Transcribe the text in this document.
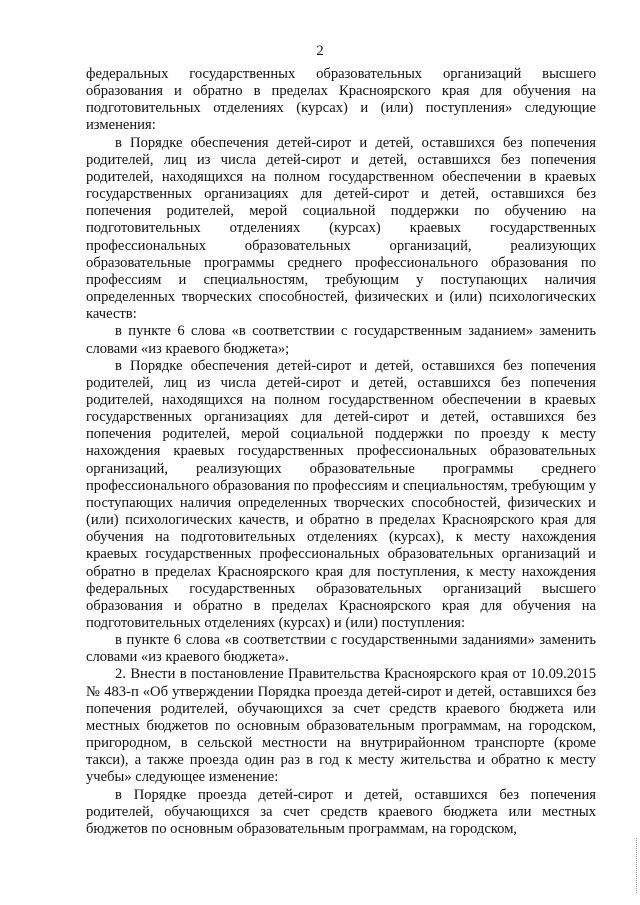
2

федеральных государственных образовательных организаций высшего образования и обратно в пределах Красноярского края для обучения на подготовительных отделениях (курсах) и (или) поступления» следующие изменения:

в Порядке обеспечения детей-сирот и детей, оставшихся без попечения родителей, лиц из числа детей-сирот и детей, оставшихся без попечения родителей, находящихся на полном государственном обеспечении в краевых государственных организациях для детей-сирот и детей, оставшихся без попечения родителей, мерой социальной поддержки по обучению на подготовительных отделениях (курсах) краевых государственных профессиональных образовательных организаций, реализующих образовательные программы среднего профессионального образования по профессиям и специальностям, требующим у поступающих наличия определенных творческих способностей, физических и (или) психологических качеств:

в пункте 6 слова «в соответствии с государственным заданием» заменить словами «из краевого бюджета»;

в Порядке обеспечения детей-сирот и детей, оставшихся без попечения родителей, лиц из числа детей-сирот и детей, оставшихся без попечения родителей, находящихся на полном государственном обеспечении в краевых государственных организациях для детей-сирот и детей, оставшихся без попечения родителей, мерой социальной поддержки по проезду к месту нахождения краевых государственных профессиональных образовательных организаций, реализующих образовательные программы среднего профессионального образования по профессиям и специальностям, требующим у поступающих наличия определенных творческих способностей, физических и (или) психологических качеств, и обратно в пределах Красноярского края для обучения на подготовительных отделениях (курсах), к месту нахождения краевых государственных профессиональных образовательных организаций и обратно в пределах Красноярского края для поступления, к месту нахождения федеральных государственных образовательных организаций высшего образования и обратно в пределах Красноярского края для обучения на подготовительных отделениях (курсах) и (или) поступления:

в пункте 6 слова «в соответствии с государственными заданиями» заменить словами «из краевого бюджета».

2. Внести в постановление Правительства Красноярского края от 10.09.2015 № 483-п «Об утверждении Порядка проезда детей-сирот и детей, оставшихся без попечения родителей, обучающихся за счет средств краевого бюджета или местных бюджетов по основным образовательным программам, на городском, пригородном, в сельской местности на внутрирайонном транспорте (кроме такси), а также проезда один раз в год к месту жительства и обратно к месту учебы» следующее изменение:

в Порядке проезда детей-сирот и детей, оставшихся без попечения родителей, обучающихся за счет средств краевого бюджета или местных бюджетов по основным образовательным программам, на городском,
